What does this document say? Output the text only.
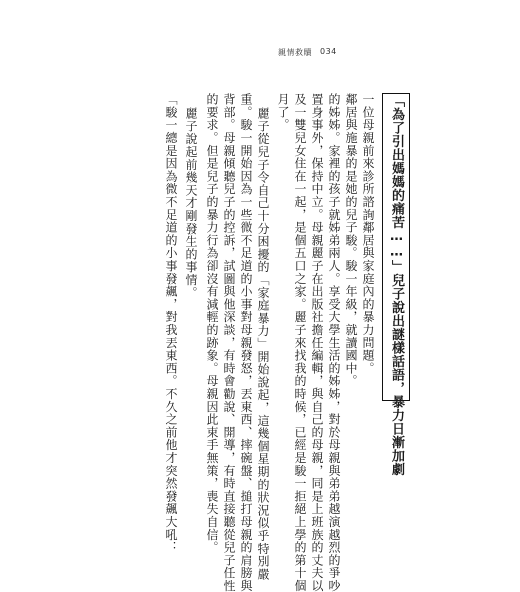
親情救贖 034
「為了引出媽媽的痛苦……」兒子說出謎樣話語，暴力日漸加劇
一位母親前來診所諮詢鄰居與家庭內的暴力問題。
鄰居與施暴的是她的兒子駿。駿一年級，就讀國中。
的姊姊。家裡的孩子就姊弟兩人。享受大學生活的姊姊，對於母親與弟弟越演越烈的爭吵
置身事外，保持中立。母親麗子在出版社擔任編輯，與自己的母親，同是上班族的丈夫以
及一雙兒女住在一起，是個五口之家。麗子來找我的時候，已經是駿一拒絕上學的第十個
月了。
麗子從兒子令自己十分困擾的「家庭暴力」開始說起，這幾個星期的狀況似乎特別嚴
重。駿一開始因為一些微不足道的小事對母親發怒，丟東西、摔碗盤、搥打母親的肩膀與
背部。母親傾聽兒子的控訴，試圖與他深談，有時會勸說、開導，有時直接聽從兒子任性
的要求。但是兒子的暴力行為卻沒有減輕的跡象。母親因此束手無策，喪失自信。
麗子說起前幾天才剛發生的事情。
「駿一總是因為微不足道的小事發飆，對我丟東西。不久之前他才突然發飆大吼：
